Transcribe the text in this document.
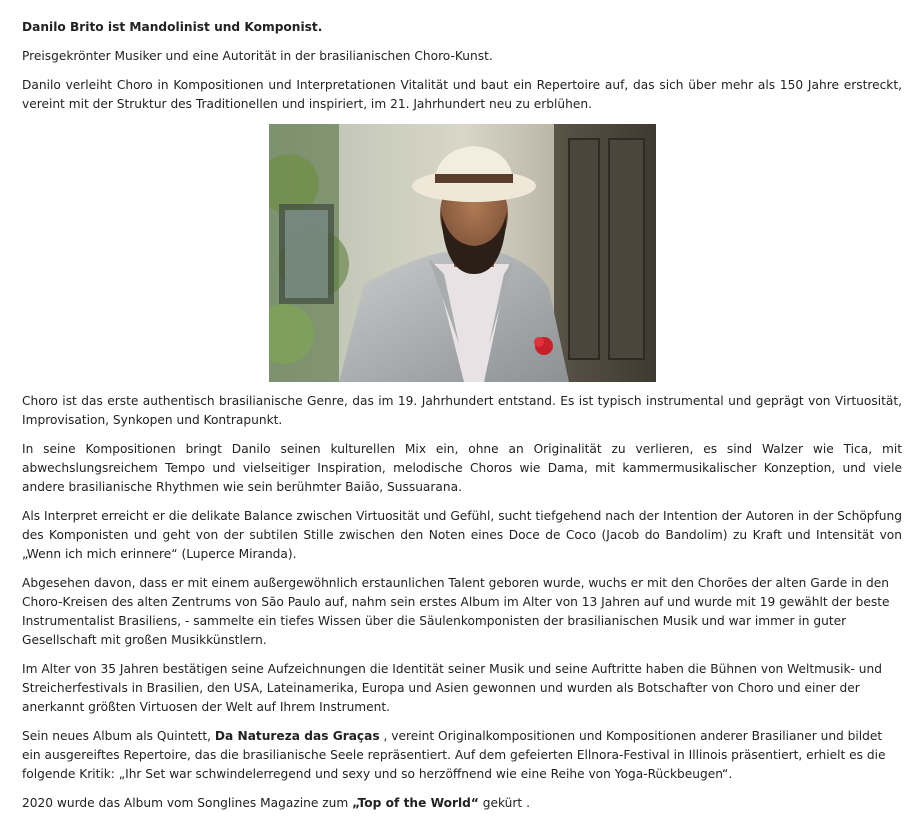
Danilo Brito ist Mandolinist und Komponist.

Preisgekrönter Musiker und eine Autorität in der brasilianischen Choro-Kunst.

Danilo verleiht Choro in Kompositionen und Interpretationen Vitalität und baut ein Repertoire auf, das sich über mehr als 150 Jahre erstreckt, vereint mit der Struktur des Traditionellen und inspiriert, im 21. Jahrhundert neu zu erblühen.

Choro ist das erste authentisch brasilianische Genre, das im 19. Jahrhundert entstand. Es ist typisch instrumental und geprägt von Virtuosität, Improvisation, Synkopen und Kontrapunkt.

In seine Kompositionen bringt Danilo seinen kulturellen Mix ein, ohne an Originalität zu verlieren, es sind Walzer wie Tica, mit abwechslungsreichem Tempo und vielseitiger Inspiration, melodische Choros wie Dama, mit kammermusikalischer Konzeption, und viele andere brasilianische Rhythmen wie sein berühmter Baião, Sussuarana.

Als Interpret erreicht er die delikate Balance zwischen Virtuosität und Gefühl, sucht tiefgehend nach der Intention der Autoren in der Schöpfung des Komponisten und geht von der subtilen Stille zwischen den Noten eines Doce de Coco (Jacob do Bandolim) zu Kraft und Intensität von „Wenn ich mich erinnere“ (Luperce Miranda).

Abgesehen davon, dass er mit einem außergewöhnlich erstaunlichen Talent geboren wurde, wuchs er mit den Chorões der alten Garde in den Choro-Kreisen des alten Zentrums von São Paulo auf, nahm sein erstes Album im Alter von 13 Jahren auf und wurde mit 19 gewählt der beste Instrumentalist Brasiliens, - sammelte ein tiefes Wissen über die Säulenkomponisten der brasilianischen Musik und war immer in guter Gesellschaft mit großen Musikkünstlern.

Im Alter von 35 Jahren bestätigen seine Aufzeichnungen die Identität seiner Musik und seine Auftritte haben die Bühnen von Weltmusik- und Streicherfestivals in Brasilien, den USA, Lateinamerika, Europa und Asien gewonnen und wurden als Botschafter von Choro und einer der anerkannt größten Virtuosen der Welt auf Ihrem Instrument.

Sein neues Album als Quintett, Da Natureza das Graças , vereint Originalkompositionen und Kompositionen anderer Brasilianer und bildet ein ausgereiftes Repertoire, das die brasilianische Seele repräsentiert. Auf dem gefeierten Ellnora-Festival in Illinois präsentiert, erhielt es die folgende Kritik: „Ihr Set war schwindelerregend und sexy und so herzöffnend wie eine Reihe von Yoga-Rückbeugen“.

2020 wurde das Album vom Songlines Magazine zum „Top of the World“ gekürt .
